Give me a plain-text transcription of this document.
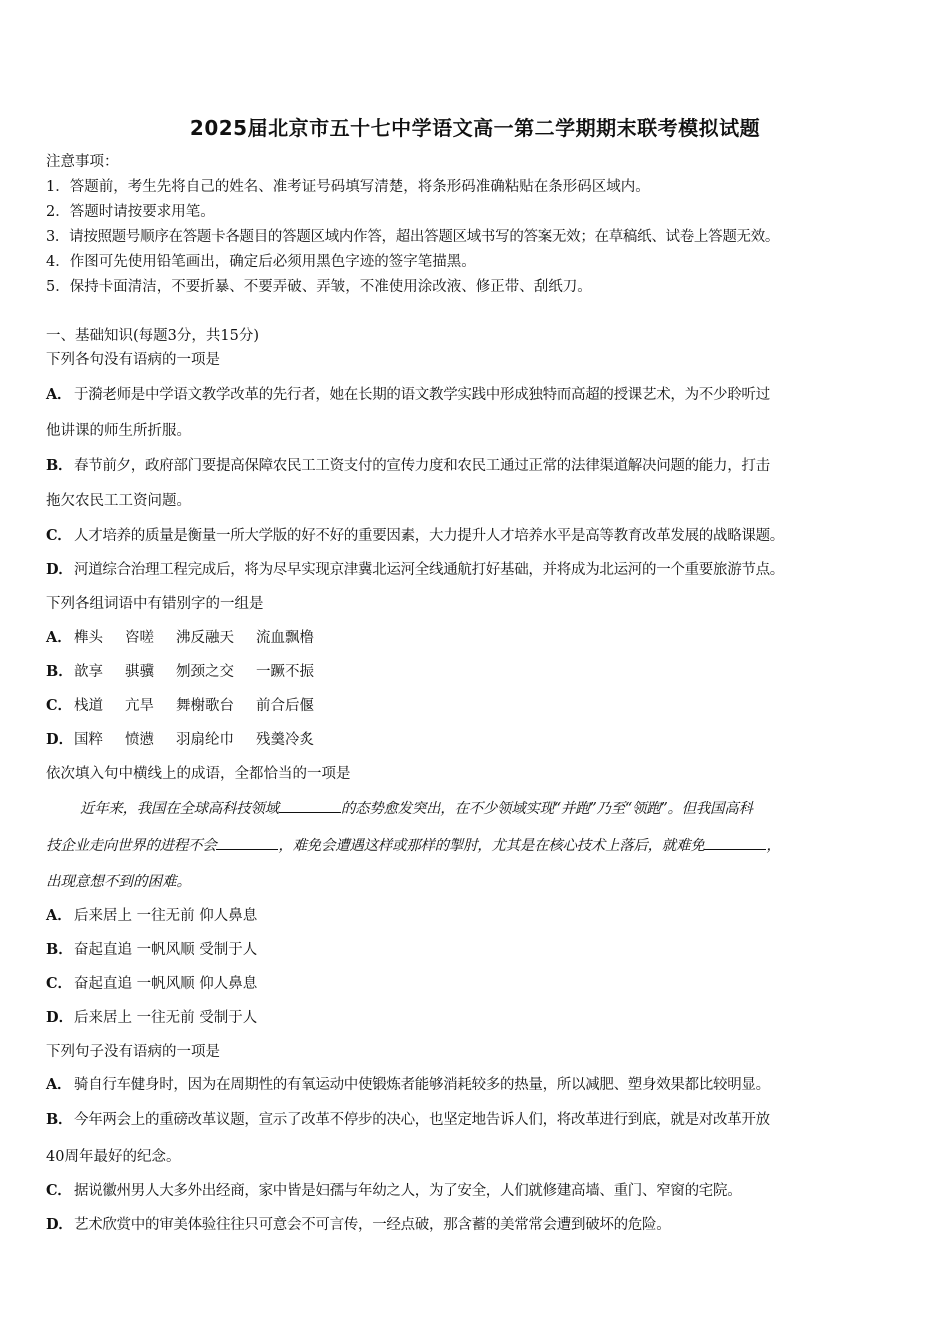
2025届北京市五十七中学语文高一第二学期期末联考模拟试题
注意事项：
1．答题前，考生先将自己的姓名、准考证号码填写清楚，将条形码准确粘贴在条形码区域内。
2．答题时请按要求用笔。
3．请按照题号顺序在答题卡各题目的答题区域内作答，超出答题区域书写的答案无效；在草稿纸、试卷上答题无效。
4．作图可先使用铅笔画出，确定后必须用黑色字迹的签字笔描黑。
5．保持卡面清洁，不要折暴、不要弄破、弄皱，不准使用涂改液、修正带、刮纸刀。
一、基础知识(每题3分，共15分)
下列各句没有语病的一项是
A． 于漪老师是中学语文教学改革的先行者，她在长期的语文教学实践中形成独特而高超的授课艺术，为不少聆听过
他讲课的师生所折服。
B． 春节前夕，政府部门要提高保障农民工工资支付的宣传力度和农民工通过正常的法律渠道解决问题的能力，打击
拖欠农民工工资问题。
C． 人才培养的质量是衡量一所大学版的好不好的重要因素，大力提升人才培养水平是高等教育改革发展的战略课题。
D． 河道综合治理工程完成后，将为尽早实现京津冀北运河全线通航打好基础，并将成为北运河的一个重要旅游节点。
下列各组词语中有错别字的一组是
A． 榫头 咨嗟 沸反融天 流血飘橹
B．歆享 骐骥 刎颈之交 一蹶不振
C． 栈道 亢旱 舞榭歌台 前合后偃
D．国粹 愤懑 羽扇纶巾 残羹冷炙
依次填入句中横线上的成语，全都恰当的一项是
近年来，我国在全球高科技领域	的态势愈发突出，在不少领域实现“并跑”乃至“领跑”。但我国高科
技企业走向世界的进程不会	，难免会遭遇这样或那样的掣肘，尤其是在核心技术上落后，就难免	，
出现意想不到的困难。
A． 后来居上 一往无前 仰人鼻息
B．奋起直追 一帆风顺 受制于人
C． 奋起直追 一帆风顺 仰人鼻息
D．后来居上 一往无前 受制于人
下列句子没有语病的一项是
A． 骑自行车健身时，因为在周期性的有氧运动中使锻炼者能够消耗较多的热量，所以减肥、塑身效果都比较明显。
B． 今年两会上的重磅改革议题，宣示了改革不停步的决心，也坚定地告诉人们，将改革进行到底，就是对改革开放
40周年最好的纪念。
C． 据说徽州男人大多外出经商，家中皆是妇孺与年幼之人，为了安全，人们就修建高墙、重门、窄窗的宅院。
D． 艺术欣赏中的审美体验往往只可意会不可言传，一经点破，那含蓄的美常常会遭到破坏的危险。
